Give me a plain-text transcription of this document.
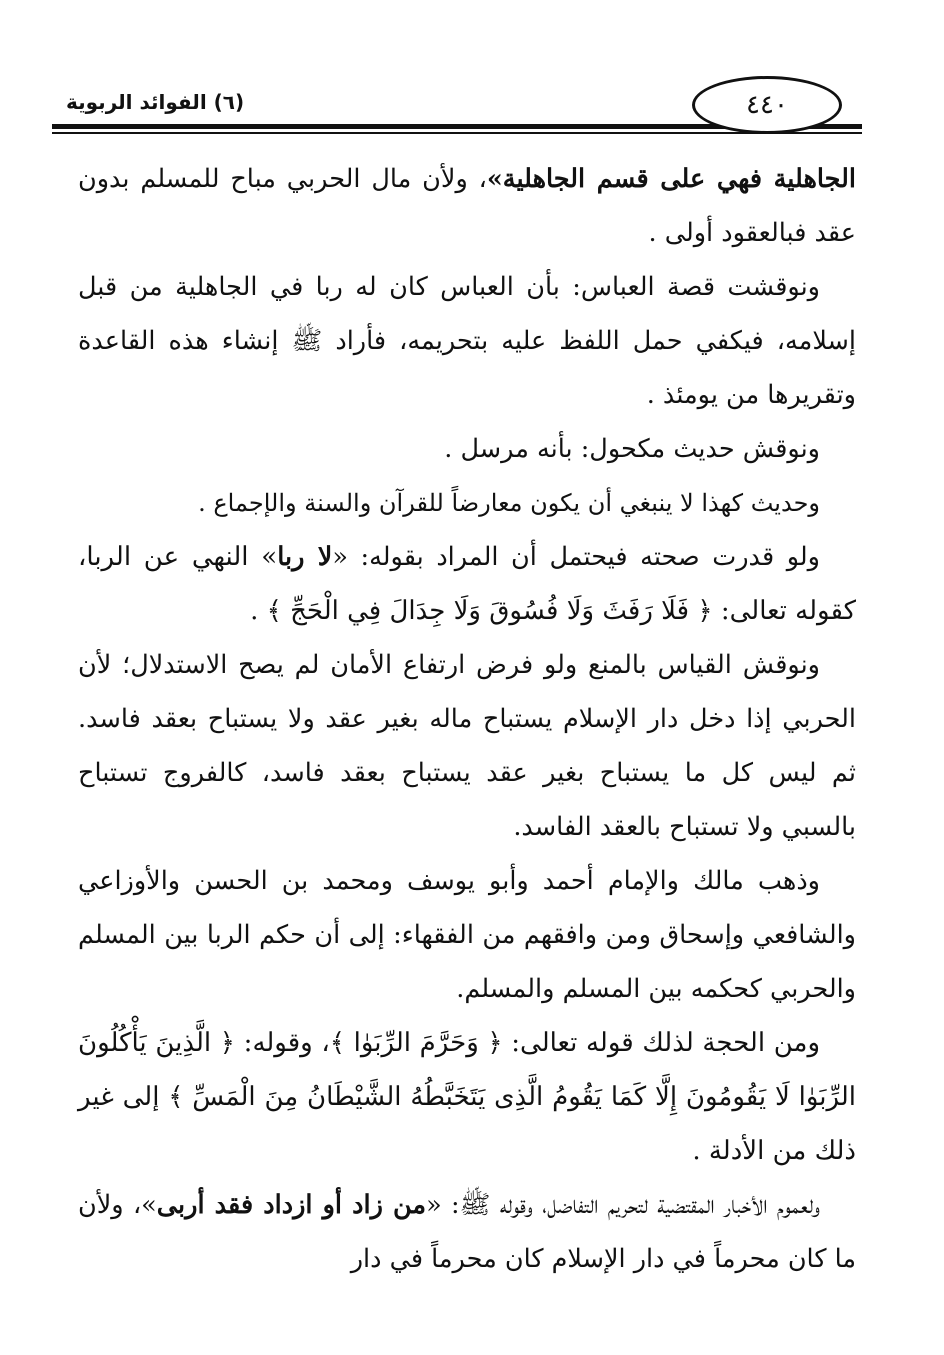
٤٤٠
(٦) الفوائد الربوية

الجاهلية فهي على قسم الجاهلية»، ولأن مال الحربي مباح للمسلم بدون عقد فبالعقود أولى .

ونوقشت قصة العباس: بأن العباس كان له ربا في الجاهلية من قبل إسلامه، فيكفي حمل اللفظ عليه بتحريمه، فأراد ﷺ إنشاء هذه القاعدة وتقريرها من يومئذ .

ونوقش حديث مكحول: بأنه مرسل .

وحديث كهذا لا ينبغي أن يكون معارضاً للقرآن والسنة والإجماع .

ولو قدرت صحته فيحتمل أن المراد بقوله: «لا ربا» النهي عن الربا، كقوله تعالى: ﴿ فَلَا رَفَثَ وَلَا فُسُوقَ وَلَا جِدَالَ فِي الْحَجِّ ﴾ .

ونوقش القياس بالمنع ولو فرض ارتفاع الأمان لم يصح الاستدلال؛ لأن الحربي إذا دخل دار الإسلام يستباح ماله بغير عقد ولا يستباح بعقد فاسد. ثم ليس كل ما يستباح بغير عقد يستباح بعقد فاسد، كالفروج تستباح بالسبي ولا تستباح بالعقد الفاسد.

وذهب مالك والإمام أحمد وأبو يوسف ومحمد بن الحسن والأوزاعي والشافعي وإسحاق ومن وافقهم من الفقهاء: إلى أن حكم الربا بين المسلم والحربي كحكمه بين المسلم والمسلم.

ومن الحجة لذلك قوله تعالى: ﴿ وَحَرَّمَ الرِّبَوٰا ﴾، وقوله: ﴿ الَّذِينَ يَأْكُلُونَ الرِّبَوٰا لَا يَقُومُونَ إِلَّا كَمَا يَقُومُ الَّذِى يَتَخَبَّطُهُ الشَّيْطَانُ مِنَ الْمَسِّ ﴾ إلى غير ذلك من الأدلة .

ولعموم الأخبار المقتضية لتحريم التفاضل، وقوله ﷺ: «من زاد أو ازداد فقد أربى»، ولأن ما كان محرماً في دار الإسلام كان محرماً في دار
